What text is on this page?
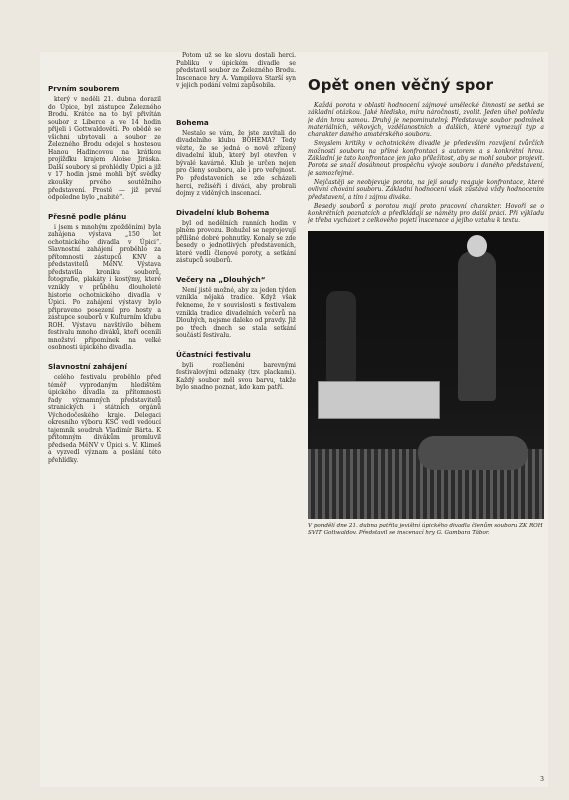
Prvním souborem

který v neděli 21. dubna dorazil do Úpice, byl zástupce Železného Brodu. Krátce na to byl přivítán soubor z Liberce a ve 14 hodin přijeli i Gottwaldovětí. Po obědě se všichni ubytovali a soubor ze Železného Brodu odejel s hostesou Hanou Hadincovou na krátkou projížďku krajem Aloise Jiráska. Další soubory si prohlédly Úpici a již v 17 hodin jsme mohli být svědky zkoušky prvého soutěžního představení. Prostě — již první odpoledne bylo „nabité“.

Přesně podle plánu

i jsem s mnohým zpožděním) byla zahájena výstava „150 let ochotnického divadla v Úpici“. Slavnostní zahájení proběhlo za přítomnosti zástupců KNV a představitelů MěNV. Výstava představila kroniku souborů, fotografie, plakáty i kostýmy, které vznikly v průběhu dlouholeté historie ochotnického divadla v Úpici. Po zahájení výstavy bylo připraveno posezení pro hosty a zástupce souborů v Kulturním klubu ROH. Výstavu navštívilo během festivalu mnoho diváků, kteří ocenili množství připomínek na velké osobnosti úpického divadla.

Slavnostní zahájení

celého festivalu proběhlo před téměř vyprodaným hledištěm úpického divadla za přítomnosti řady významných představitelů stranických i státních orgánů Východočeského kraje. Delegaci okresního výboru KSČ vedl vedoucí tajemník soudruh Vladimír Bárta. K přítomným divákům promluvil předseda MěNV v Úpici s. V. Klimeš a vyzvedl význam a poslání této přehlídky.

Potom už se ke slovu dostali herci. Publiku v úpickém divadle se představil soubor ze Železného Brodu. Inscenace hry A. Vampilova Starší syn v jejich podání velmi zapůsobila.

Bohema

Nestalo se vám, že jste zavítali do divadelního klubu BOHEMA? Tedy vězte, že se jedná o nově zřízený divadelní klub, který byl otevřen v bývalé kavárně. Klub je určen nejen pro členy souboru, ale i pro veřejnost. Po představeních se zde scházeli herci, režiséři i diváci, aby probrali dojmy z viděných inscenací.

Divadelní klub Bohema

byl od nedělních ranních hodin v plném provozu. Bohužel se neprojevují přílišné dobré pohnutky. Konaly se zde besedy o jednotlivých představeních, které vedli členové poroty, a setkání zástupců souborů.

Večery na „Dlouhých“

Není jistě možné, aby za jeden týden vznikla nějaká tradice. Když však řekneme, že v souvislosti s festivalem vznikla tradice divadelních večerů na Dlouhých, nejsme daleko od pravdy. Již po třech dnech se stala setkání součástí festivalu.

Účastníci festivalu

byli rozčleněni barevnými festivalovými odznaky (tzv. plackami). Každý soubor měl svou barvu, takže bylo snadno poznat, kdo kam patří.

Opět onen věčný spor

Každá porota v oblasti hodnocení zájmové umělecké činnosti se setká se základní otázkou. Jaké hledisko, míru náročnosti, zvolit. Jeden úhel pohledu je dán hrou samou. Druhý je nepominutelný. Představuje soubor podmínek materiálních, věkových, vzdělanostních a dalších, které vymezují typ a charakter daného amatérského souboru.

Smyslem kritiky v ochotnickém divadle je především rozvíjení tvůrčích možností souboru na přímé konfrontaci s autorem a s konkrétní hrou. Základní je tato konfrontace jen jako příležitost, aby se mohl soubor projevit. Porota se snaží dosáhnout prospěchu vývoje souboru i daného představení, je samozřejmé.

Nejčastěji se neobjevuje porota, na její soudy reaguje konfrontace, které ovlivní chování souboru. Základní hodnocení však zůstává vždy hodnocením představení, a tím i zájmu diváka.

Besedy souborů s porotou mají proto pracovní charakter. Hovoří se o konkrétních poznatcích a předkládají se náměty pro další práci. Při výkladu je třeba vycházet z celkového pojetí inscenace a jejího vztahu k textu.

V pondělí dne 21. dubna patřila jevištní úpického divadla členům souboru ZK ROH SVIT Gottwaldov. Představil se inscenací hry G. Gambara Tábor.

3
